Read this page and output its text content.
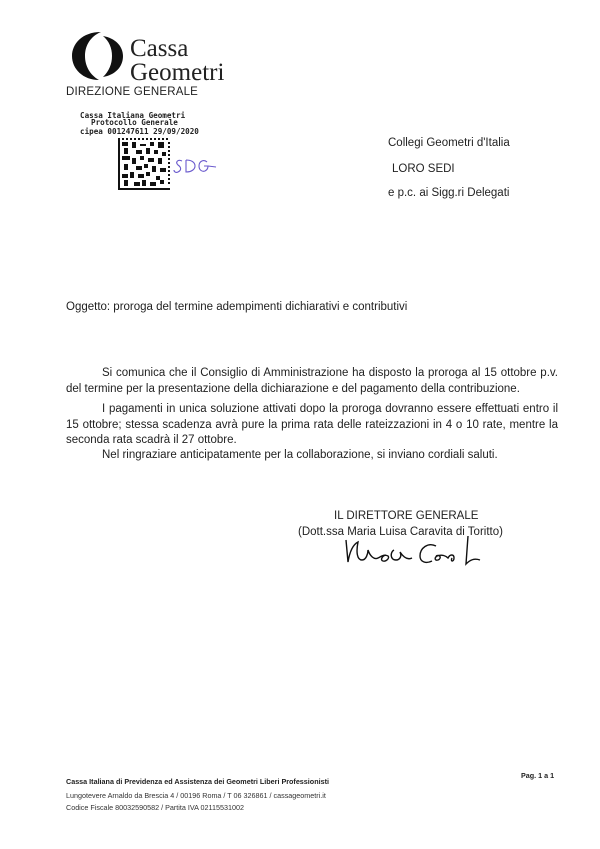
Cassa
Geometri
DIREZIONE GENERALE
Cassa Italiana Geometri
Protocollo Generale
cipea 001247611 29/09/2020
Collegi Geometri d'Italia
LORO SEDI
e p.c. ai Sigg.ri Delegati
Oggetto: proroga del termine adempimenti dichiarativi e contributivi
Si comunica che il Consiglio di Amministrazione ha disposto la proroga al 15 ottobre p.v. del termine per la presentazione della dichiarazione e del pagamento della contribuzione.
I pagamenti in unica soluzione attivati dopo la proroga dovranno essere effettuati entro il 15 ottobre; stessa scadenza avrà pure la prima rata delle rateizzazioni in 4 o 10 rate, mentre la seconda rata scadrà il 27 ottobre.
Nel ringraziare anticipatamente per la collaborazione, si inviano cordiali saluti.
IL DIRETTORE GENERALE
(Dott.ssa Maria Luisa Caravita di Toritto)
Pag. 1 a 1
Cassa Italiana di Previdenza ed Assistenza dei Geometri Liberi Professionisti
Lungotevere Arnaldo da Brescia 4 / 00196 Roma / T 06 326861 / cassageometri.it
Codice Fiscale 80032590582 / Partita IVA 02115531002
